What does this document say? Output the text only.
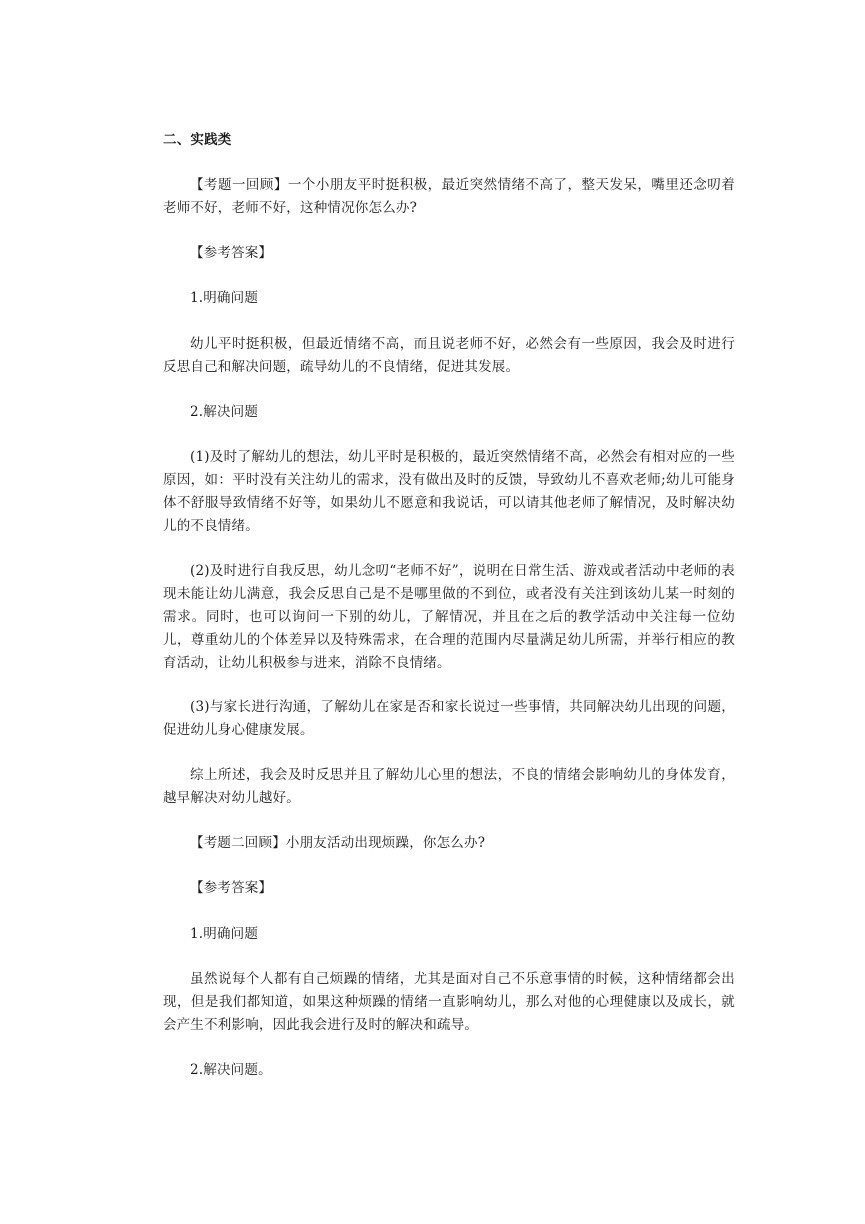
二、实践类

【考题一回顾】一个小朋友平时挺积极，最近突然情绪不高了，整天发呆，嘴里还念叨着老师不好，老师不好，这种情况你怎么办?

【参考答案】

1.明确问题

幼儿平时挺积极，但最近情绪不高，而且说老师不好，必然会有一些原因，我会及时进行反思自己和解决问题，疏导幼儿的不良情绪，促进其发展。

2.解决问题

(1)及时了解幼儿的想法，幼儿平时是积极的，最近突然情绪不高，必然会有相对应的一些原因，如：平时没有关注幼儿的需求，没有做出及时的反馈，导致幼儿不喜欢老师;幼儿可能身体不舒服导致情绪不好等，如果幼儿不愿意和我说话，可以请其他老师了解情况，及时解决幼儿的不良情绪。

(2)及时进行自我反思，幼儿念叨“老师不好”，说明在日常生活、游戏或者活动中老师的表现未能让幼儿满意，我会反思自己是不是哪里做的不到位，或者没有关注到该幼儿某一时刻的需求。同时，也可以询问一下别的幼儿，了解情况，并且在之后的教学活动中关注每一位幼儿，尊重幼儿的个体差异以及特殊需求，在合理的范围内尽量满足幼儿所需，并举行相应的教育活动，让幼儿积极参与进来，消除不良情绪。

(3)与家长进行沟通，了解幼儿在家是否和家长说过一些事情，共同解决幼儿出现的问题，促进幼儿身心健康发展。

综上所述，我会及时反思并且了解幼儿心里的想法，不良的情绪会影响幼儿的身体发育，越早解决对幼儿越好。

【考题二回顾】小朋友活动出现烦躁，你怎么办?

【参考答案】

1.明确问题

虽然说每个人都有自己烦躁的情绪，尤其是面对自己不乐意事情的时候，这种情绪都会出现，但是我们都知道，如果这种烦躁的情绪一直影响幼儿，那么对他的心理健康以及成长，就会产生不利影响，因此我会进行及时的解决和疏导。

2.解决问题。
